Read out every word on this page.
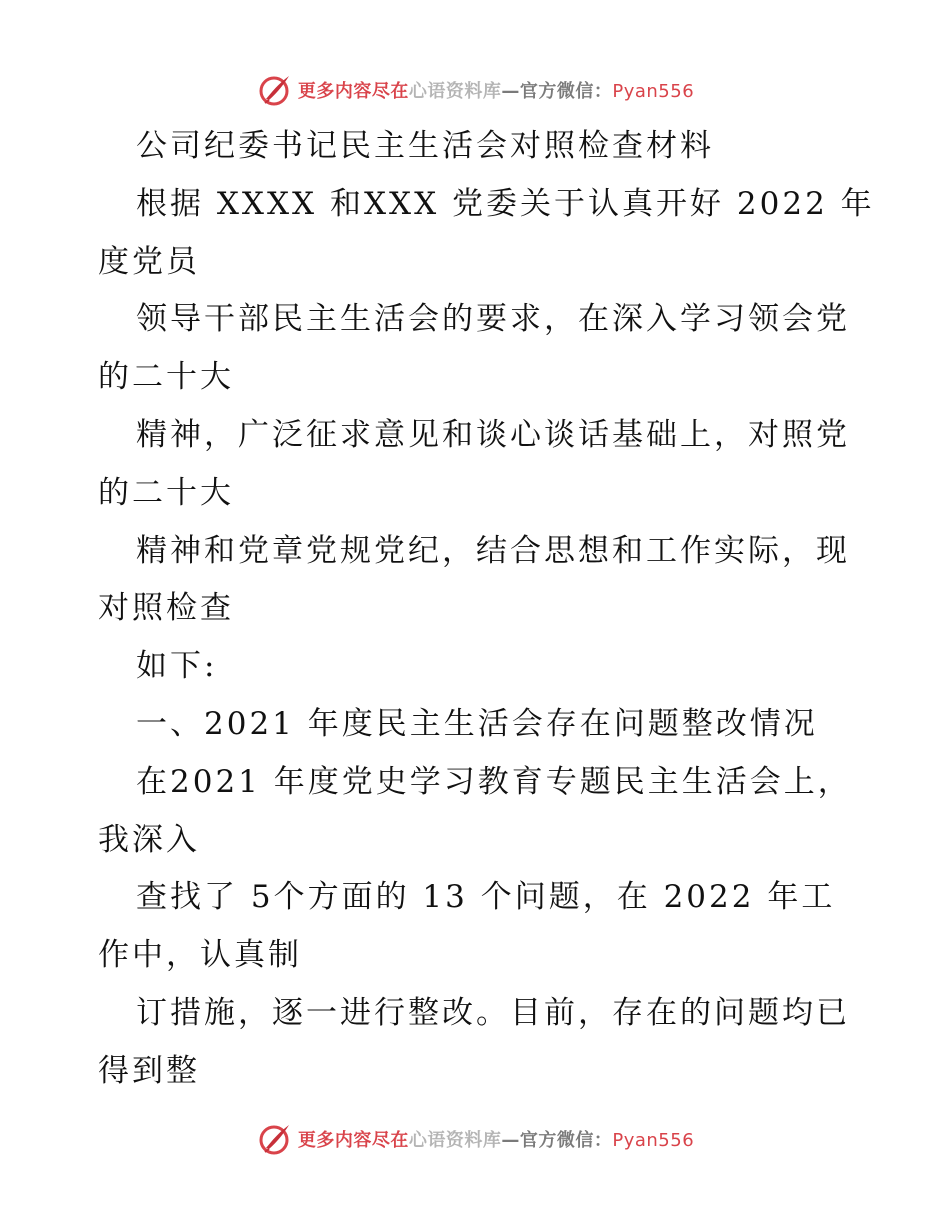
更多内容尽在心语资料库—官方微信：Pyan556
公司纪委书记民主生活会对照检查材料
根据 XXXX 和XXX 党委关于认真开好 2022 年
度党员
领导干部民主生活会的要求，在深入学习领会党
的二十大
精神，广泛征求意见和谈心谈话基础上，对照党
的二十大
精神和党章党规党纪，结合思想和工作实际，现
对照检查
如下:
一、2021 年度民主生活会存在问题整改情况
在2021 年度党史学习教育专题民主生活会上，
我深入
查找了 5个方面的 13 个问题，在 2022 年工
作中，认真制
订措施，逐一进行整改。目前，存在的问题均已
得到整
更多内容尽在心语资料库—官方微信：Pyan556
